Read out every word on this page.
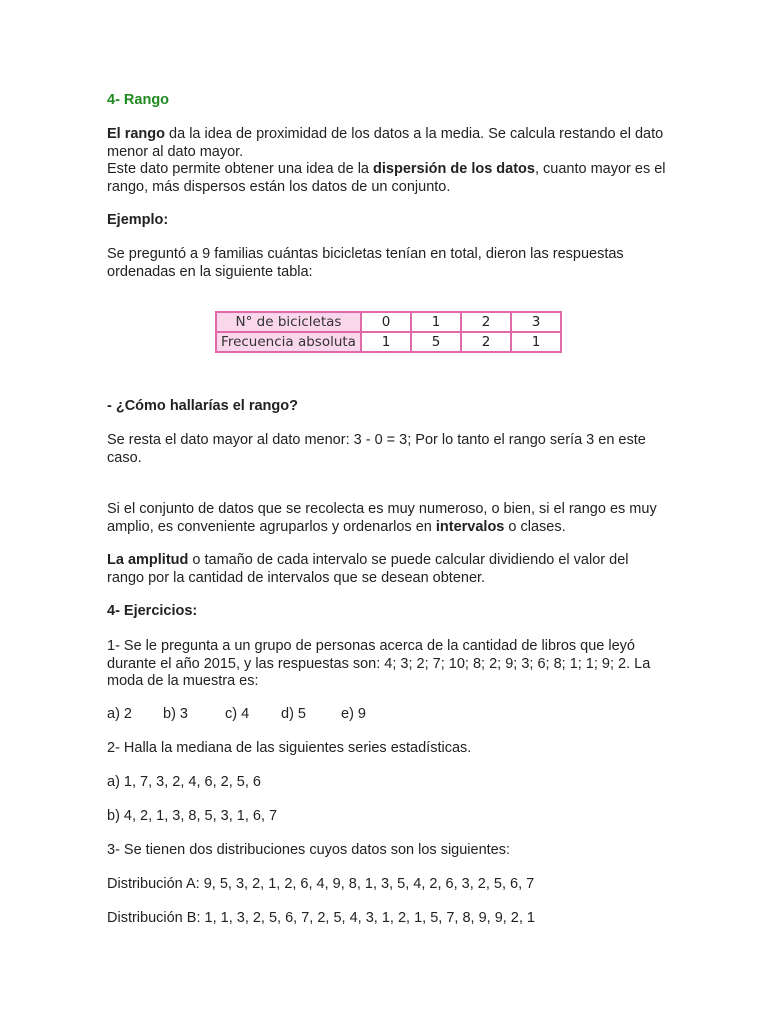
4- Rango
El rango da la idea de proximidad de los datos a la media. Se calcula restando el dato menor al dato mayor.
Este dato permite obtener una idea de la dispersión de los datos, cuanto mayor es el rango, más dispersos están los datos de un conjunto.
Ejemplo:
Se preguntó a 9 familias cuántas bicicletas tenían en total, dieron las respuestas ordenadas en la siguiente tabla:
N° de bicicletas	0	1	2	3
Frecuencia absoluta	1	5	2	1
- ¿Cómo hallarías el rango?
Se resta el dato mayor al dato menor: 3 - 0 = 3; Por lo tanto el rango sería 3 en este caso.
Si el conjunto de datos que se recolecta es muy numeroso, o bien, si el rango es muy amplio, es conveniente agruparlos y ordenarlos en intervalos o clases.
La amplitud o tamaño de cada intervalo se puede calcular dividiendo el valor del rango por la cantidad de intervalos que se desean obtener.
4- Ejercicios:
1- Se le pregunta a un grupo de personas acerca de la cantidad de libros que leyó durante el año 2015, y las respuestas son: 4; 3; 2; 7; 10; 8; 2; 9; 3; 6; 8; 1; 1; 9; 2. La moda de la muestra es:
a) 2 b) 3	c) 4 d) 5 e) 9
2- Halla la mediana de las siguientes series estadísticas.
a) 1, 7, 3, 2, 4, 6, 2, 5, 6
b) 4, 2, 1, 3, 8, 5, 3, 1, 6, 7
3- Se tienen dos distribuciones cuyos datos son los siguientes:
Distribución A: 9, 5, 3, 2, 1, 2, 6, 4, 9, 8, 1, 3, 5, 4, 2, 6, 3, 2, 5, 6, 7
Distribución B: 1, 1, 3, 2, 5, 6, 7, 2, 5, 4, 3, 1, 2, 1, 5, 7, 8, 9, 9, 2, 1
